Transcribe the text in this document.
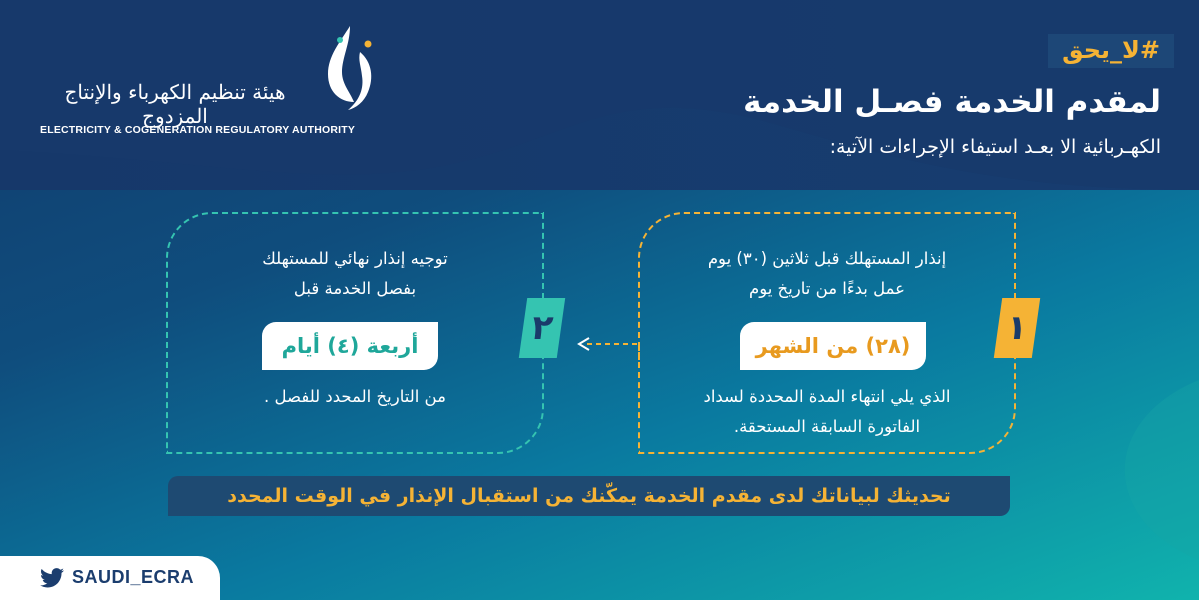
هيئة تنظيم الكهرباء والإنتاج المزدوج
ELECTRICITY & COGENERATION REGULATORY AUTHORITY
#لا_يحق
لمقدم الخدمة فصـل الخدمة
الكهـربائية الا بعـد استيفاء الإجراءات الآتية:
إنذار المستهلك قبل ثلاثين (٣٠) يوم
عمل بدءًا من تاريخ يوم
(٢٨) من الشهر
الذي يلي انتهاء المدة المحددة لسداد
الفاتورة السابقة المستحقة.
١
توجيه إنذار نهائي للمستهلك
بفصل الخدمة قبل
أربعة (٤) أيام
من التاريخ المحدد للفصل .
٢
تحديثك لبياناتك لدى مقدم الخدمة يمكّنك من استقبال الإنذار في الوقت المحدد
SAUDI_ECRA
